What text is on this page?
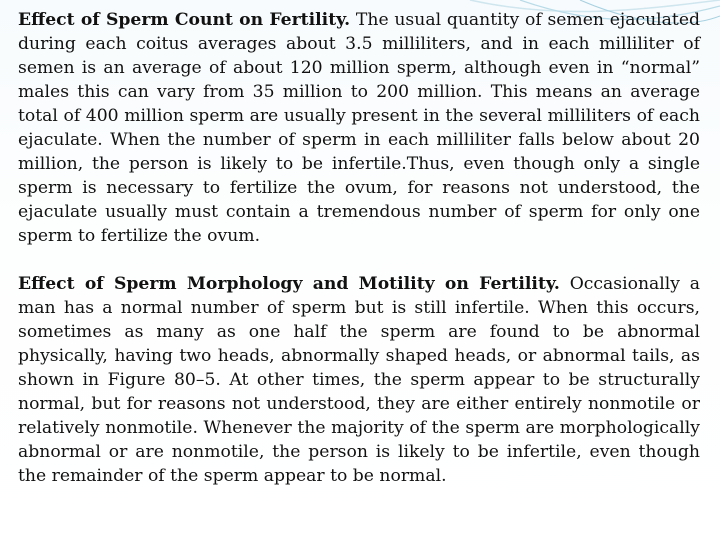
Effect of Sperm Count on Fertility. The usual quantity of semen ejaculated during each coitus averages about 3.5 milliliters, and in each milliliter of semen is an average of about 120 million sperm, although even in “normal” males this can vary from 35 million to 200 million. This means an average total of 400 million sperm are usually present in the several milliliters of each ejaculate. When the number of sperm in each milliliter falls below about 20 million, the person is likely to be infertile.Thus, even though only a single sperm is necessary to fertilize the ovum, for reasons not understood, the ejaculate usually must contain a tremendous number of sperm for only one sperm to fertilize the ovum.

Effect of Sperm Morphology and Motility on Fertility. Occasionally a man has a normal number of sperm but is still infertile. When this occurs, sometimes as many as one half the sperm are found to be abnormal physically, having two heads, abnormally shaped heads, or abnormal tails, as shown in Figure 80–5. At other times, the sperm appear to be structurally normal, but for reasons not understood, they are either entirely nonmotile or relatively nonmotile. Whenever the majority of the sperm are morphologically abnormal or are nonmotile, the person is likely to be infertile, even though the remainder of the sperm appear to be normal.
